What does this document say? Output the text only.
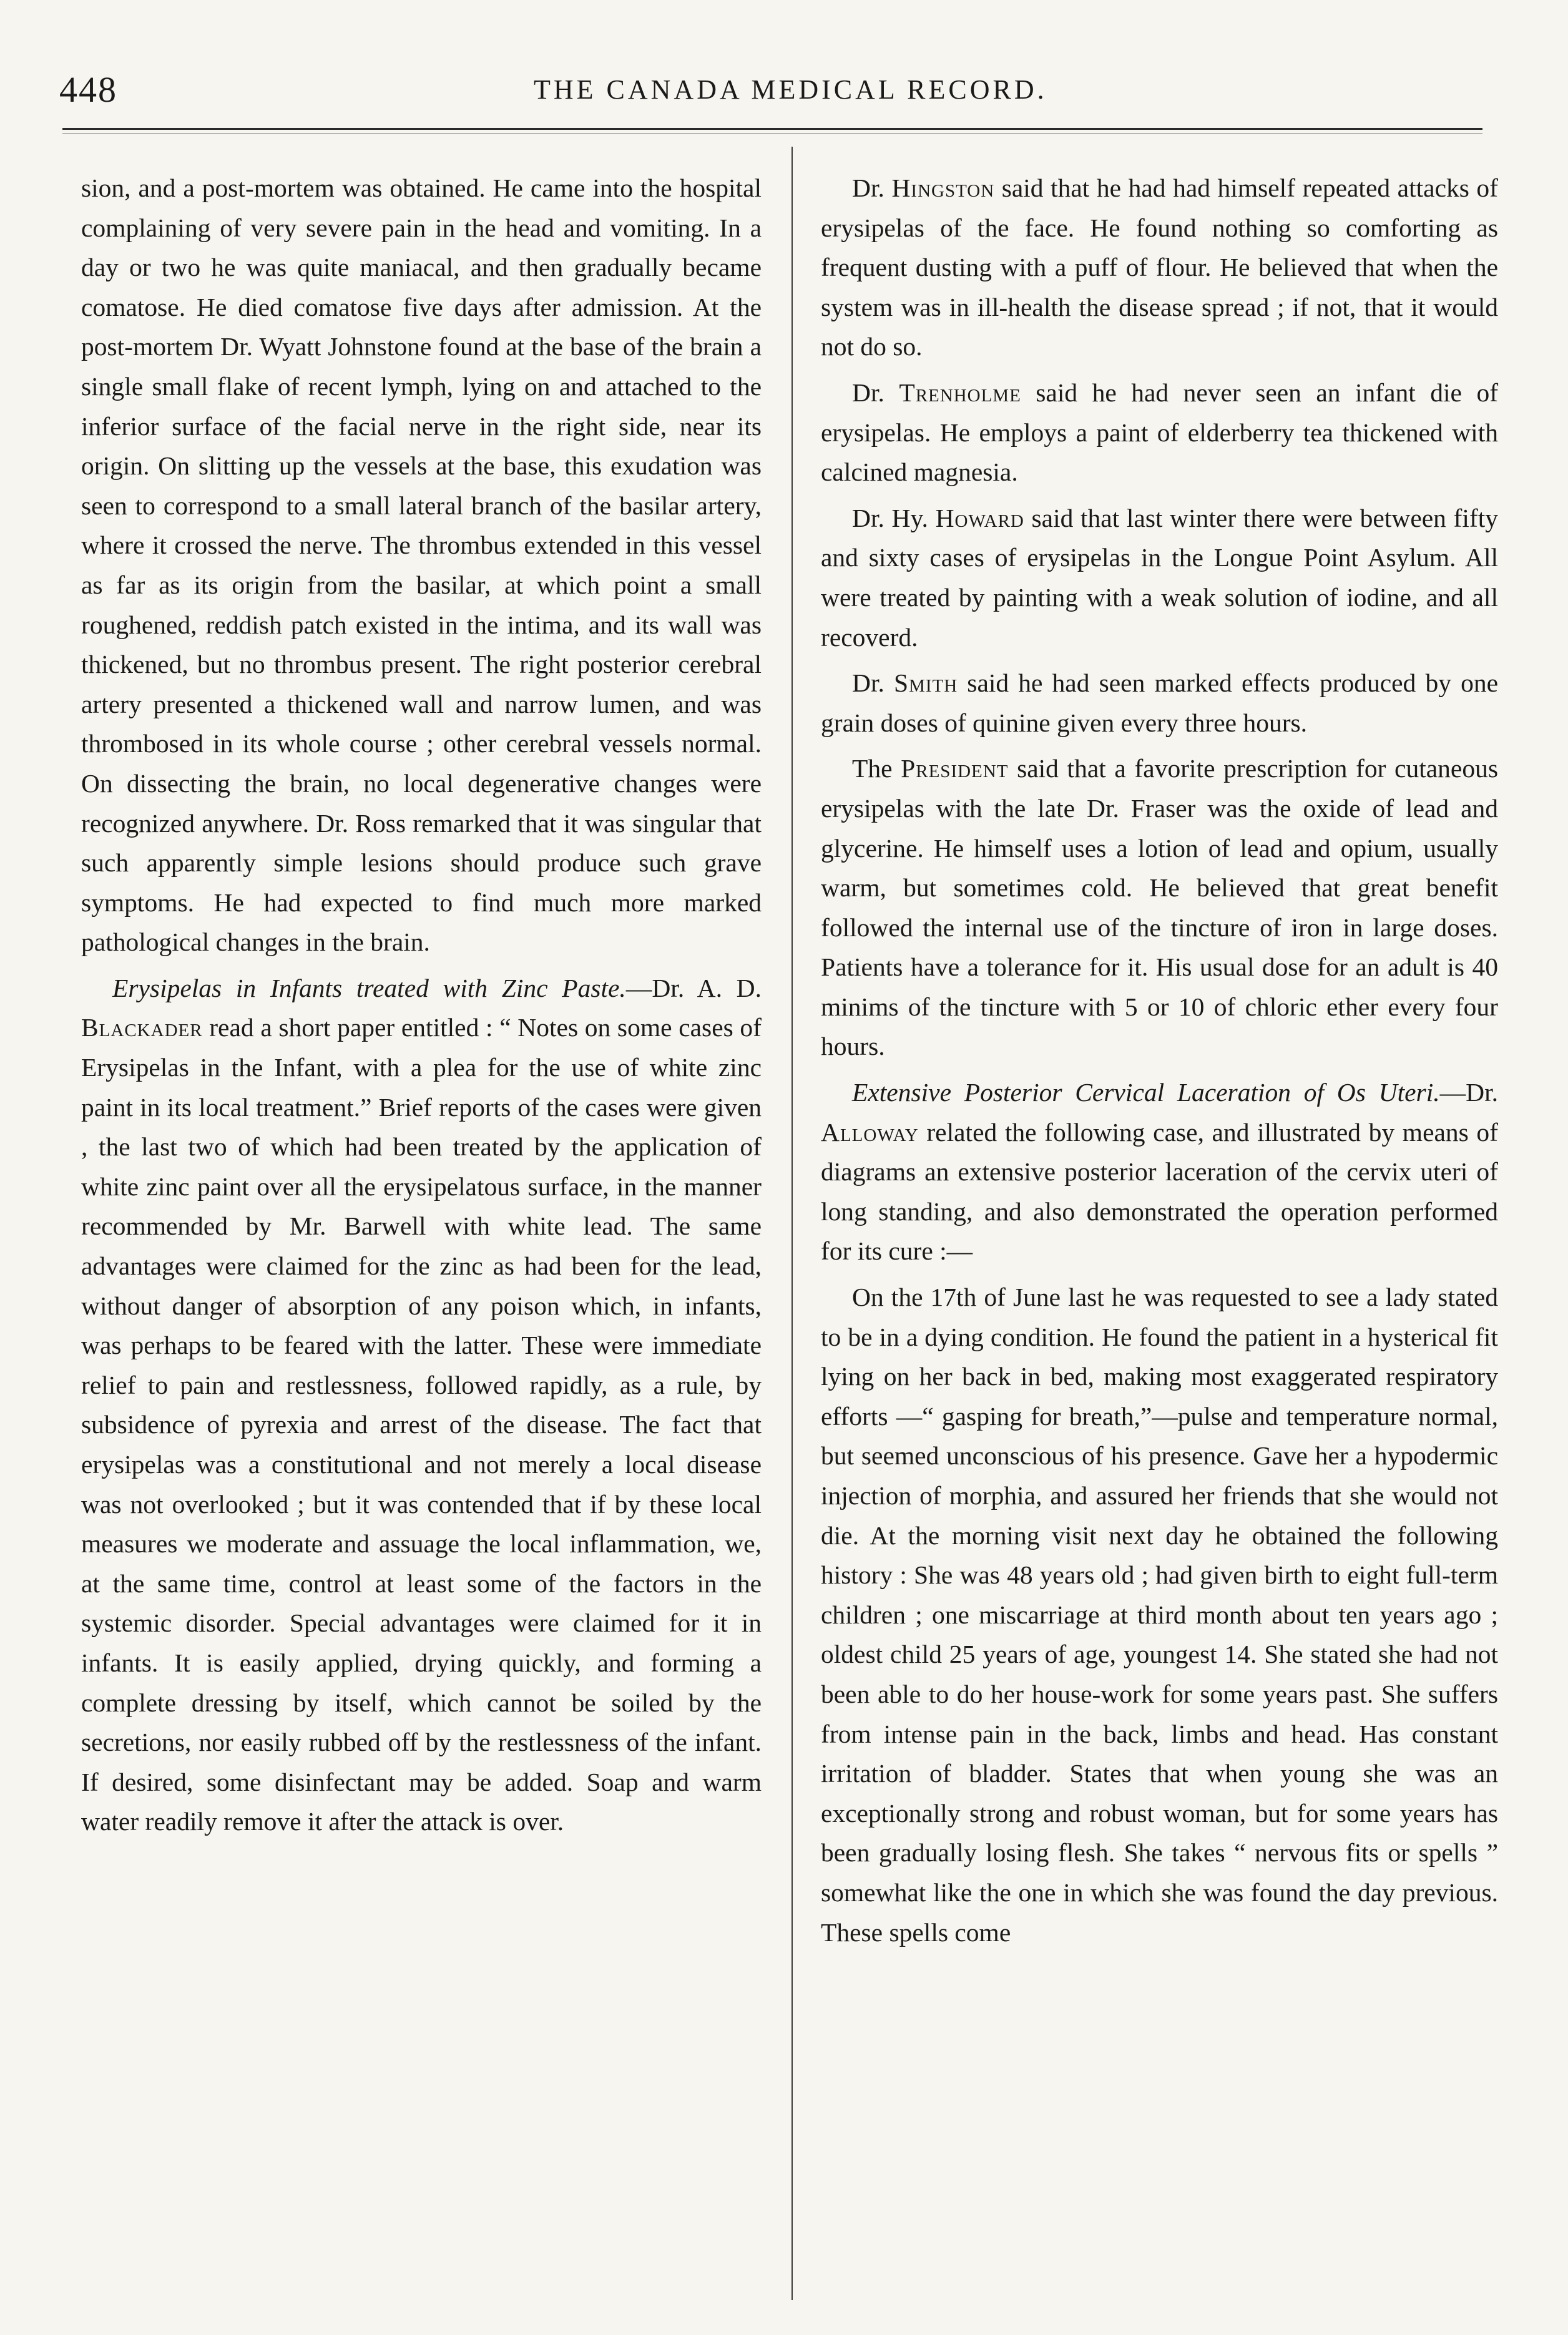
448	THE CANADA MEDICAL RECORD.

sion, and a post-mortem was obtained. He came into the hospital complaining of very severe pain in the head and vomiting. In a day or two he was quite maniacal, and then gradually became comatose. He died comatose five days after admission. At the post-mortem Dr. Wyatt Johnstone found at the base of the brain a single small flake of recent lymph, lying on and attached to the inferior surface of the facial nerve in the right side, near its origin. On slitting up the vessels at the base, this exudation was seen to correspond to a small lateral branch of the basilar artery, where it crossed the nerve. The thrombus extended in this vessel as far as its origin from the basilar, at which point a small roughened, reddish patch existed in the intima, and its wall was thickened, but no thrombus present. The right posterior cerebral artery presented a thickened wall and narrow lumen, and was thrombosed in its whole course ; other cerebral vessels normal. On dissecting the brain, no local degenerative changes were recognized anywhere. Dr. Ross remarked that it was singular that such apparently simple lesions should produce such grave symptoms. He had expected to find much more marked pathological changes in the brain.

Erysipelas in Infants treated with Zinc Paste.—Dr. A. D. Blackader read a short paper entitled : “ Notes on some cases of Erysipelas in the Infant, with a plea for the use of white zinc paint in its local treatment.” Brief reports of the cases were given , the last two of which had been treated by the application of white zinc paint over all the erysipelatous surface, in the manner recommended by Mr. Barwell with white lead. The same advantages were claimed for the zinc as had been for the lead, without danger of absorption of any poison which, in infants, was perhaps to be feared with the latter. These were immediate relief to pain and restlessness, followed rapidly, as a rule, by subsidence of pyrexia and arrest of the disease. The fact that erysipelas was a constitutional and not merely a local disease was not overlooked ; but it was contended that if by these local measures we moderate and assuage the local inflammation, we, at the same time, control at least some of the factors in the systemic disorder. Special advantages were claimed for it in infants. It is easily applied, drying quickly, and forming a complete dressing by itself, which cannot be soiled by the secretions, nor easily rubbed off by the restlessness of the infant. If desired, some disinfectant may be added. Soap and warm water readily remove it after the attack is over.

Dr. Hingston said that he had had himself repeated attacks of erysipelas of the face. He found nothing so comforting as frequent dusting with a puff of flour. He believed that when the system was in ill-health the disease spread ; if not, that it would not do so.

Dr. Trenholme said he had never seen an infant die of erysipelas. He employs a paint of elderberry tea thickened with calcined magnesia.

Dr. Hy. Howard said that last winter there were between fifty and sixty cases of erysipelas in the Longue Point Asylum. All were treated by painting with a weak solution of iodine, and all recoverd.

Dr. Smith said he had seen marked effects produced by one grain doses of quinine given every three hours.

The President said that a favorite prescription for cutaneous erysipelas with the late Dr. Fraser was the oxide of lead and glycerine. He himself uses a lotion of lead and opium, usually warm, but sometimes cold. He believed that great benefit followed the internal use of the tincture of iron in large doses. Patients have a tolerance for it. His usual dose for an adult is 40 minims of the tincture with 5 or 10 of chloric ether every four hours.

Extensive Posterior Cervical Laceration of Os Uteri.—Dr. Alloway related the following case, and illustrated by means of diagrams an extensive posterior laceration of the cervix uteri of long standing, and also demonstrated the operation performed for its cure :—

On the 17th of June last he was requested to see a lady stated to be in a dying condition. He found the patient in a hysterical fit lying on her back in bed, making most exaggerated respiratory efforts —“ gasping for breath,”—pulse and temperature normal, but seemed unconscious of his presence. Gave her a hypodermic injection of morphia, and assured her friends that she would not die. At the morning visit next day he obtained the following history : She was 48 years old ; had given birth to eight full-term children ; one miscarriage at third month about ten years ago ; oldest child 25 years of age, youngest 14. She stated she had not been able to do her house-work for some years past. She suffers from intense pain in the back, limbs and head. Has constant irritation of bladder. States that when young she was an exceptionally strong and robust woman, but for some years has been gradually losing flesh. She takes “ nervous fits or spells ” somewhat like the one in which she was found the day previous. These spells come
